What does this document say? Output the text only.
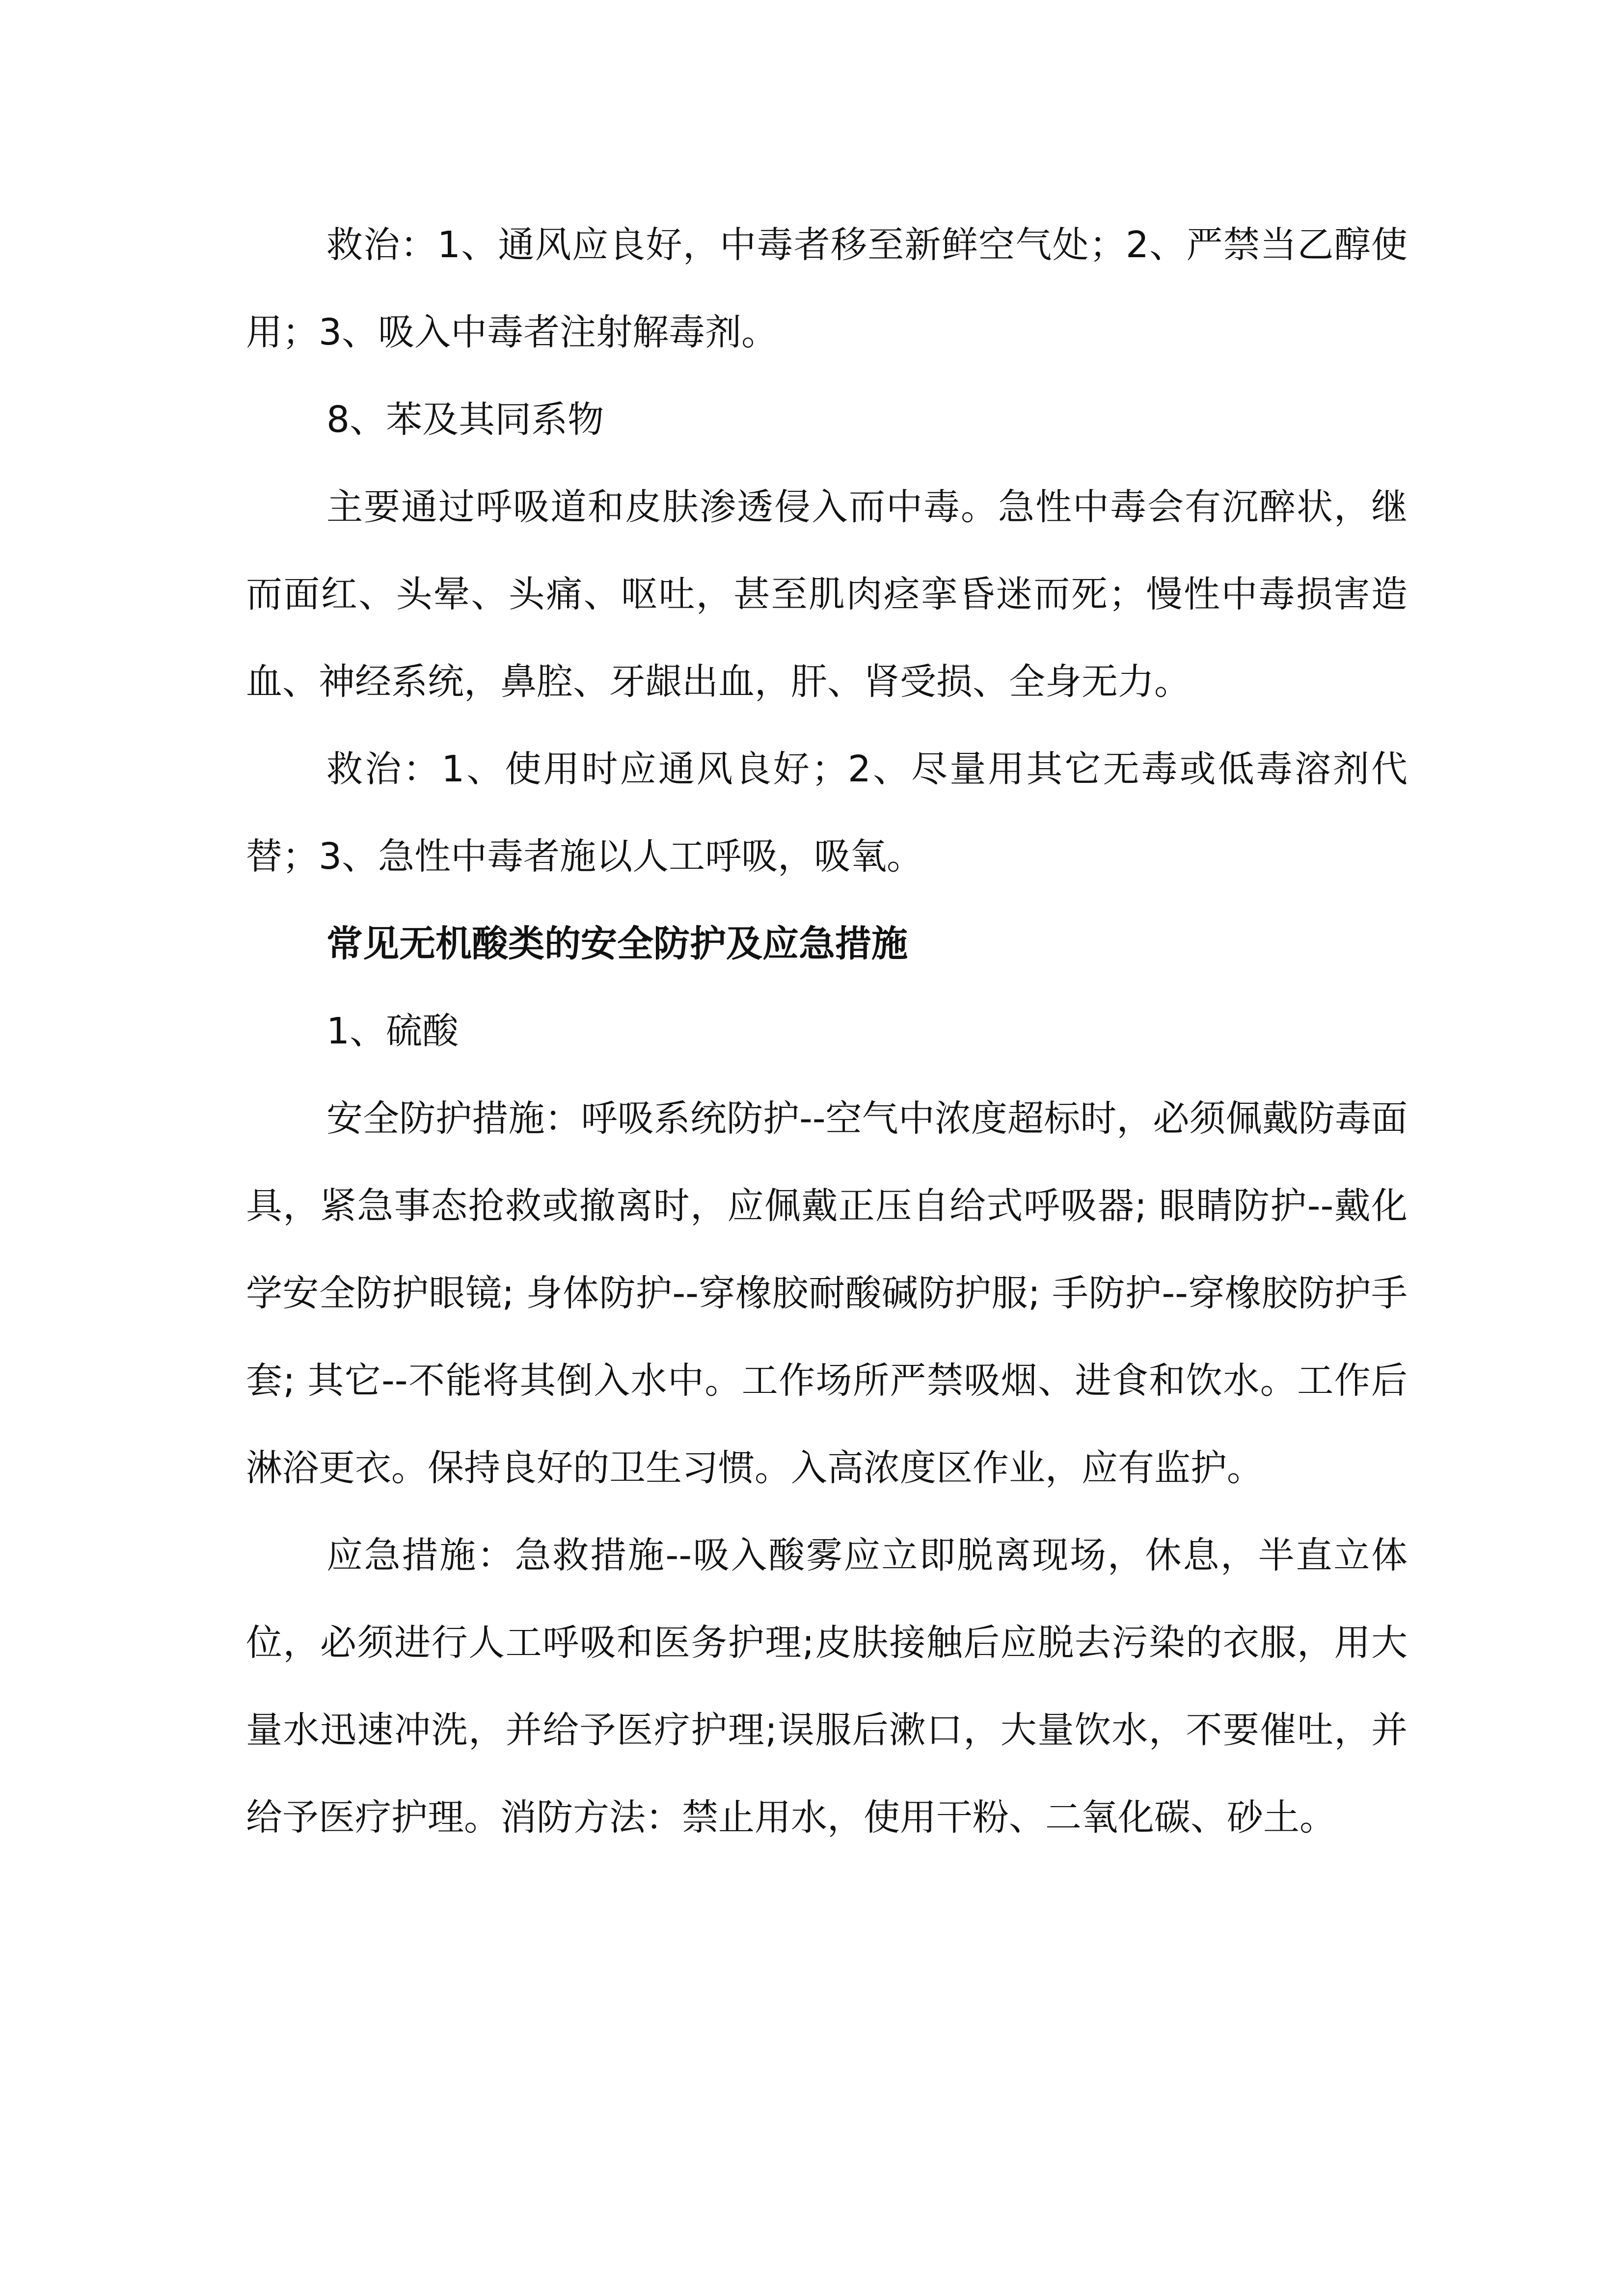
救治：1、通风应良好，中毒者移至新鲜空气处；2、严禁当乙醇使用；3、吸入中毒者注射解毒剂。

8、苯及其同系物

主要通过呼吸道和皮肤渗透侵入而中毒。急性中毒会有沉醉状，继而面红、头晕、头痛、呕吐，甚至肌肉痉挛昏迷而死；慢性中毒损害造血、神经系统，鼻腔、牙龈出血，肝、肾受损、全身无力。

救治：1、使用时应通风良好；2、尽量用其它无毒或低毒溶剂代替；3、急性中毒者施以人工呼吸，吸氧。

常见无机酸类的安全防护及应急措施

1、硫酸

安全防护措施：呼吸系统防护--空气中浓度超标时，必须佩戴防毒面具，紧急事态抢救或撤离时，应佩戴正压自给式呼吸器; 眼睛防护--戴化学安全防护眼镜; 身体防护--穿橡胶耐酸碱防护服; 手防护--穿橡胶防护手套; 其它--不能将其倒入水中。工作场所严禁吸烟、进食和饮水。工作后淋浴更衣。保持良好的卫生习惯。入高浓度区作业，应有监护。

应急措施：急救措施--吸入酸雾应立即脱离现场，休息，半直立体位，必须进行人工呼吸和医务护理;皮肤接触后应脱去污染的衣服，用大量水迅速冲洗，并给予医疗护理;误服后漱口，大量饮水，不要催吐，并给予医疗护理。消防方法：禁止用水，使用干粉、二氧化碳、砂土。
